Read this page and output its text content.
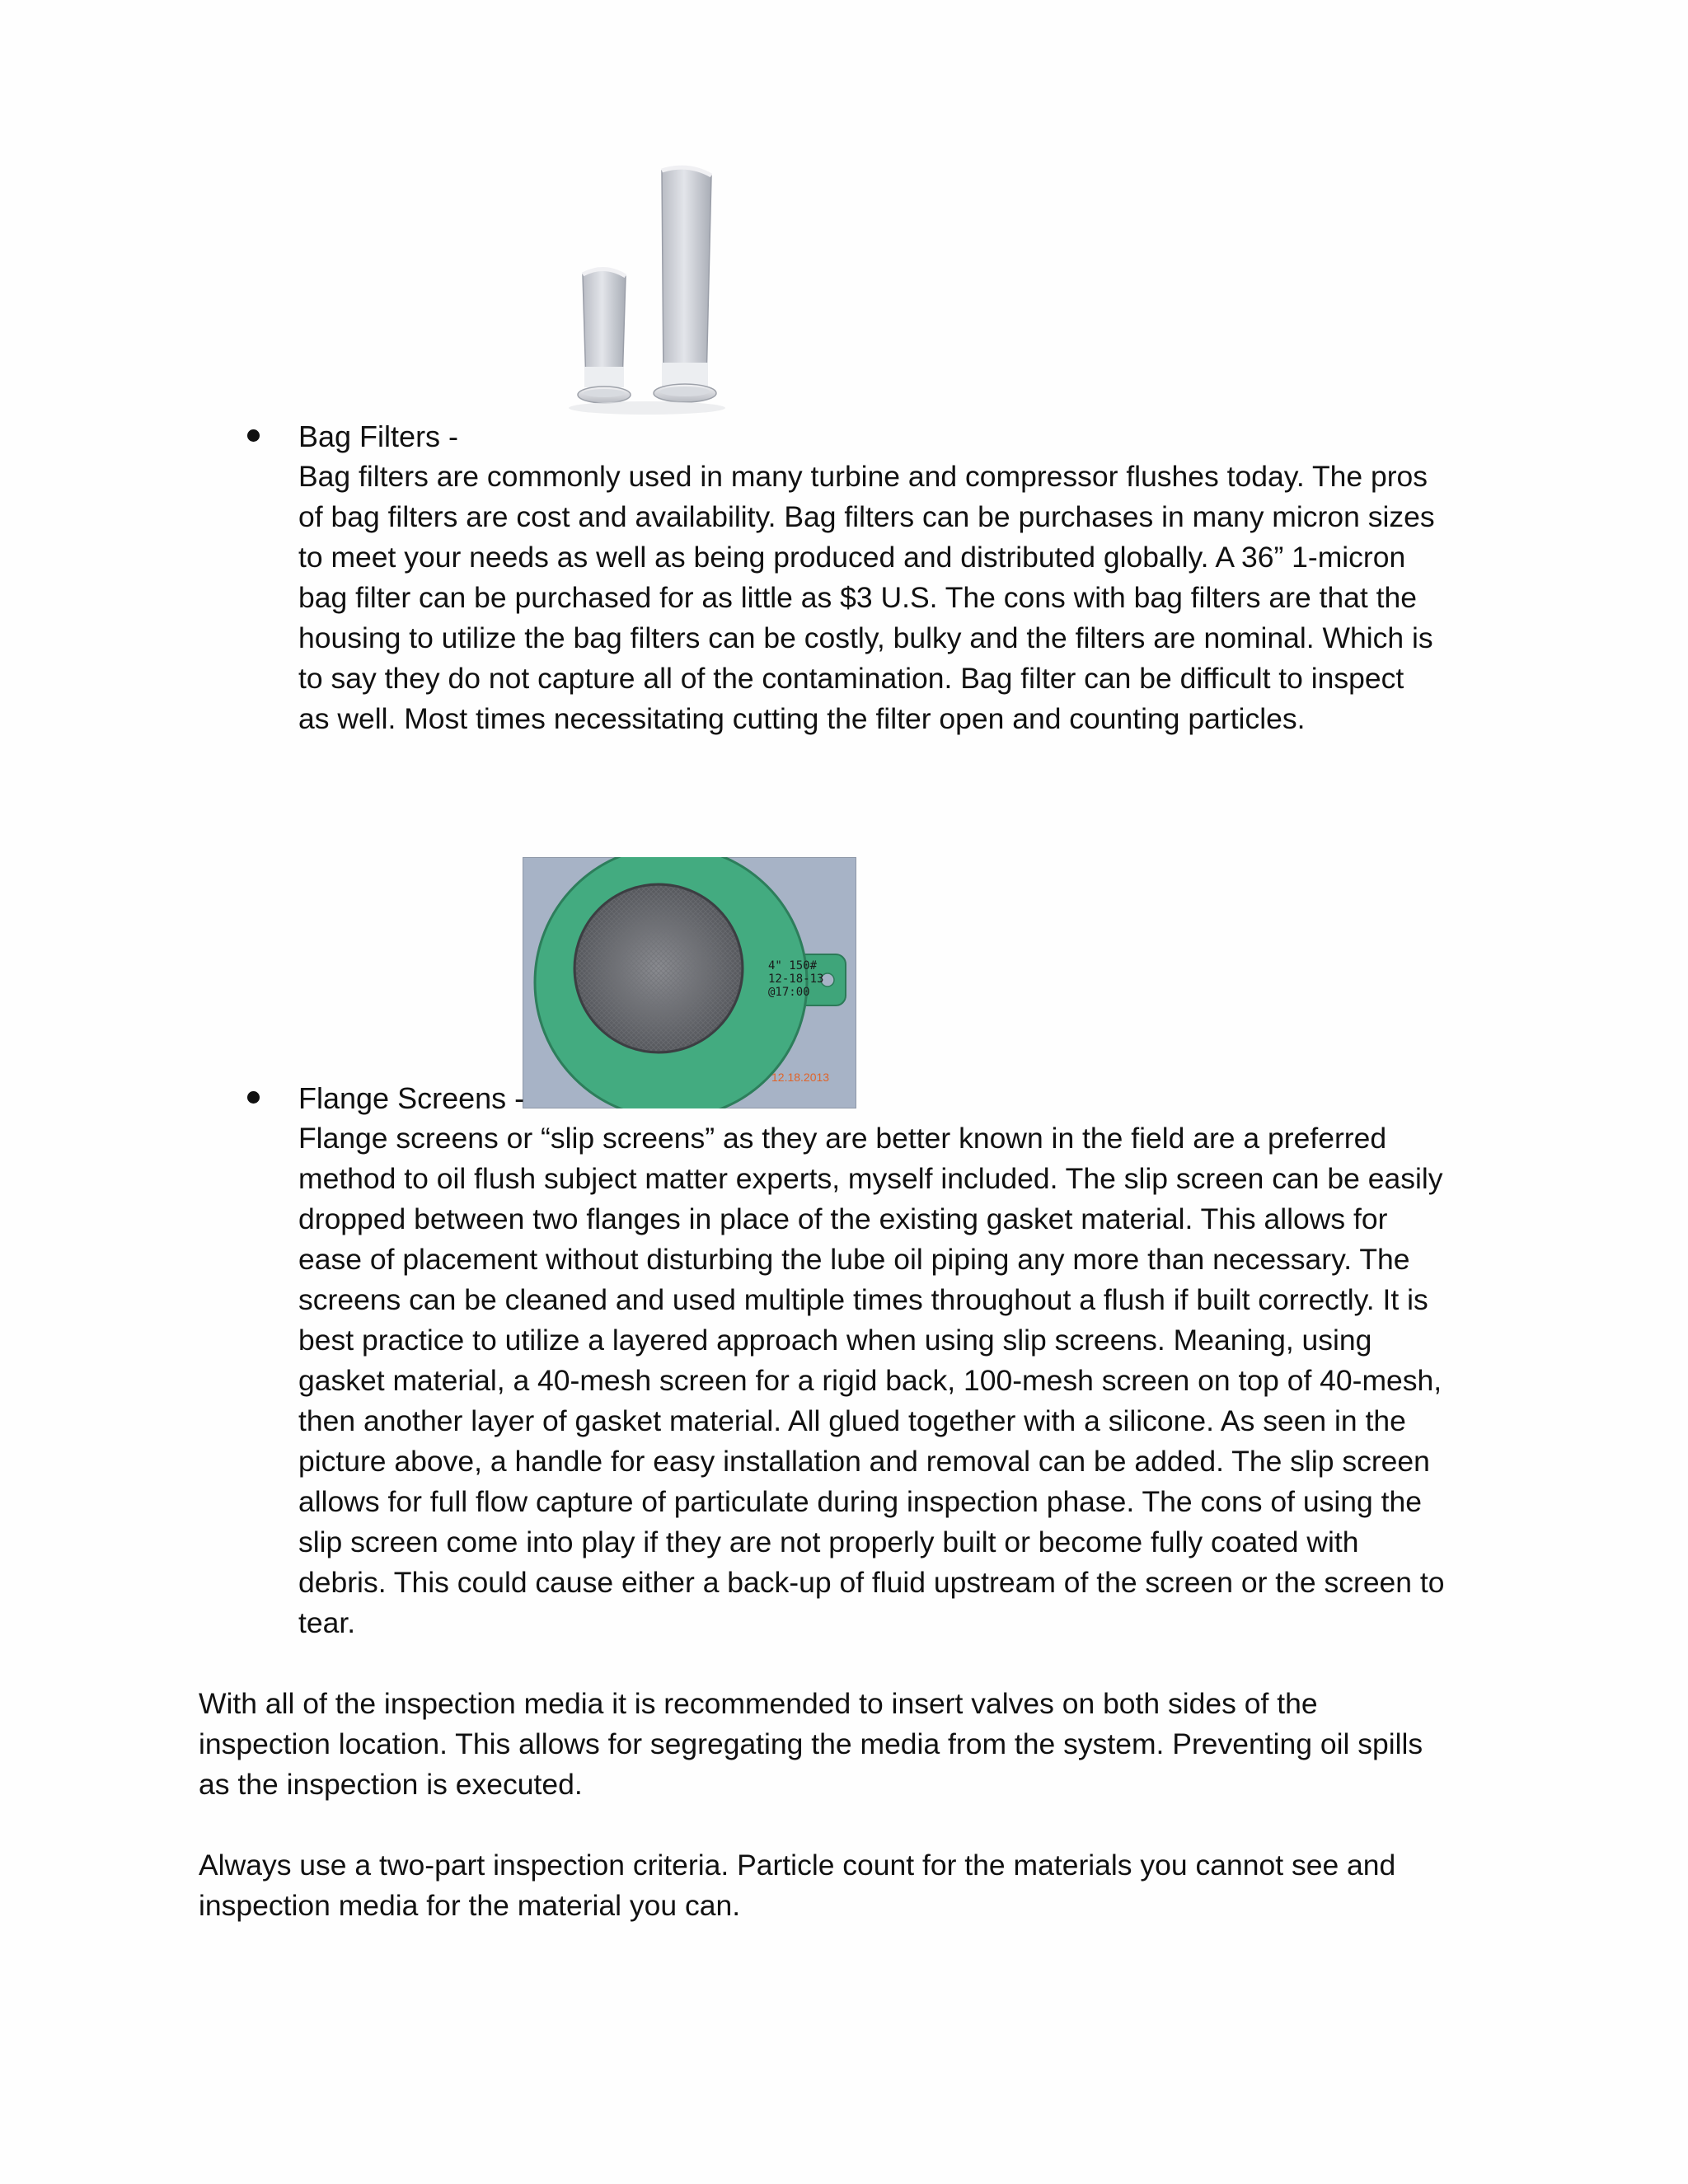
Bag Filters -

Bag filters are commonly used in many turbine and compressor flushes today. The pros
of bag filters are cost and availability. Bag filters can be purchases in many micron sizes
to meet your needs as well as being produced and distributed globally. A 36” 1-micron
bag filter can be purchased for as little as $3 U.S. The cons with bag filters are that the
housing to utilize the bag filters can be costly, bulky and the filters are nominal. Which is
to say they do not capture all of the contamination. Bag filter can be difficult to inspect
as well. Most times necessitating cutting the filter open and counting particles.

4" 150#
12-18-13
@17:00
12.18.2013
Flange Screens -

Flange screens or “slip screens” as they are better known in the field are a preferred
method to oil flush subject matter experts, myself included. The slip screen can be easily
dropped between two flanges in place of the existing gasket material. This allows for
ease of placement without disturbing the lube oil piping any more than necessary. The
screens can be cleaned and used multiple times throughout a flush if built correctly. It is
best practice to utilize a layered approach when using slip screens. Meaning, using
gasket material, a 40-mesh screen for a rigid back, 100-mesh screen on top of 40-mesh,
then another layer of gasket material. All glued together with a silicone. As seen in the
picture above, a handle for easy installation and removal can be added. The slip screen
allows for full flow capture of particulate during inspection phase. The cons of using the
slip screen come into play if they are not properly built or become fully coated with
debris. This could cause either a back-up of fluid upstream of the screen or the screen to
tear.

With all of the inspection media it is recommended to insert valves on both sides of the
inspection location. This allows for segregating the media from the system. Preventing oil spills
as the inspection is executed.

Always use a two-part inspection criteria. Particle count for the materials you cannot see and
inspection media for the material you can.
